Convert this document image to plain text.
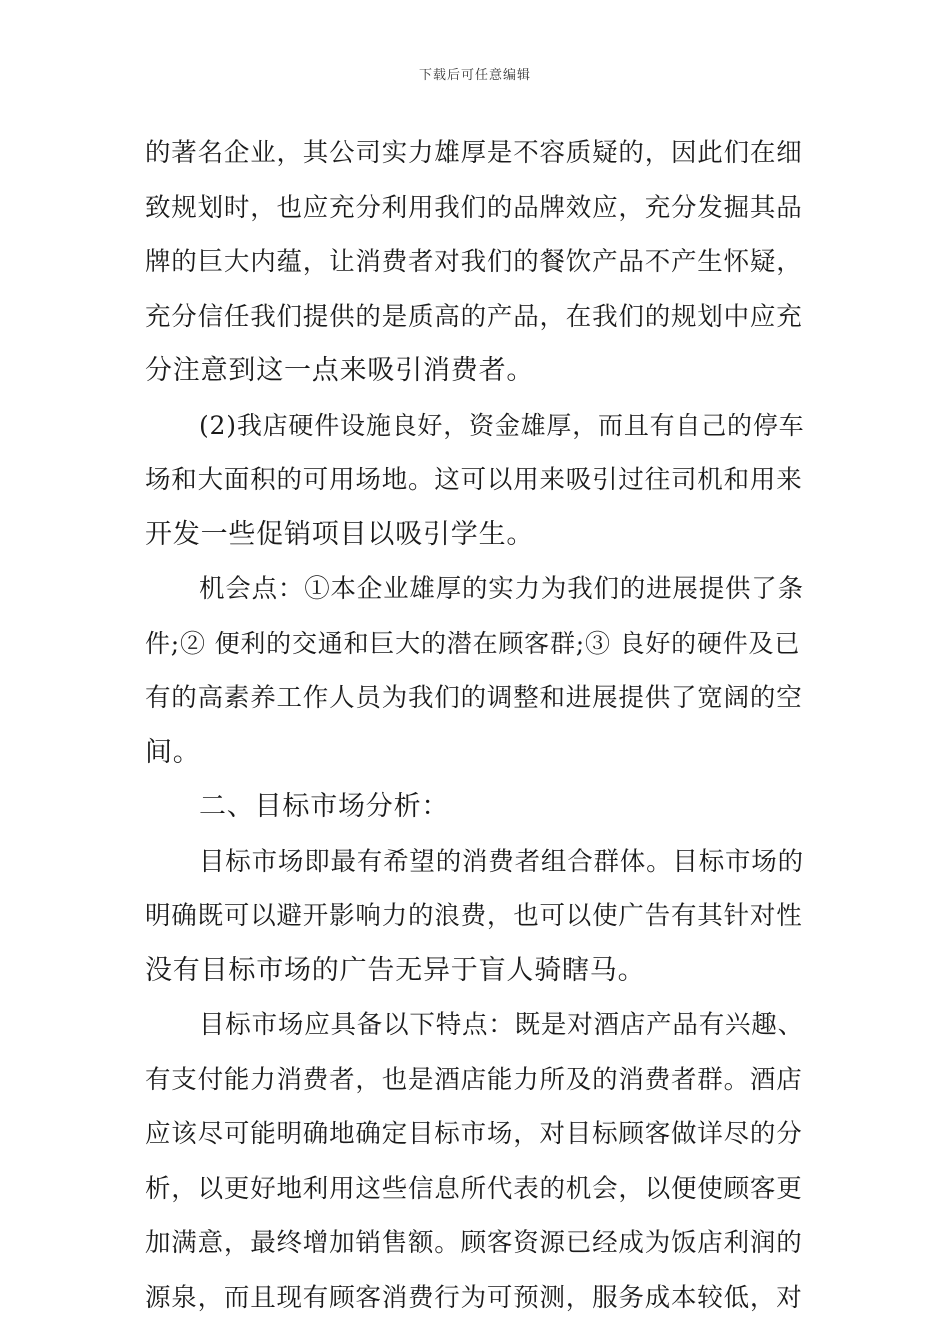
下载后可任意编辑
的著名企业，其公司实力雄厚是不容质疑的，因此们在细
致规划时，也应充分利用我们的品牌效应，充分发掘其品
牌的巨大内蕴，让消费者对我们的餐饮产品不产生怀疑，
充分信任我们提供的是质高的产品，在我们的规划中应充
分注意到这一点来吸引消费者。
(2)我店硬件设施良好，资金雄厚，而且有自己的停车
场和大面积的可用场地。这可以用来吸引过往司机和用来
开发一些促销项目以吸引学生。
机会点：①本企业雄厚的实力为我们的进展提供了条
件;② 便利的交通和巨大的潜在顾客群;③ 良好的硬件及已
有的高素养工作人员为我们的调整和进展提供了宽阔的空
间。
二、目标市场分析：
目标市场即最有希望的消费者组合群体。目标市场的
明确既可以避开影响力的浪费，也可以使广告有其针对性
没有目标市场的广告无异于盲人骑瞎马。
目标市场应具备以下特点：既是对酒店产品有兴趣、
有支付能力消费者，也是酒店能力所及的消费者群。酒店
应该尽可能明确地确定目标市场，对目标顾客做详尽的分
析，以更好地利用这些信息所代表的机会，以便使顾客更
加满意，最终增加销售额。顾客资源已经成为饭店利润的
源泉，而且现有顾客消费行为可预测，服务成本较低，对
